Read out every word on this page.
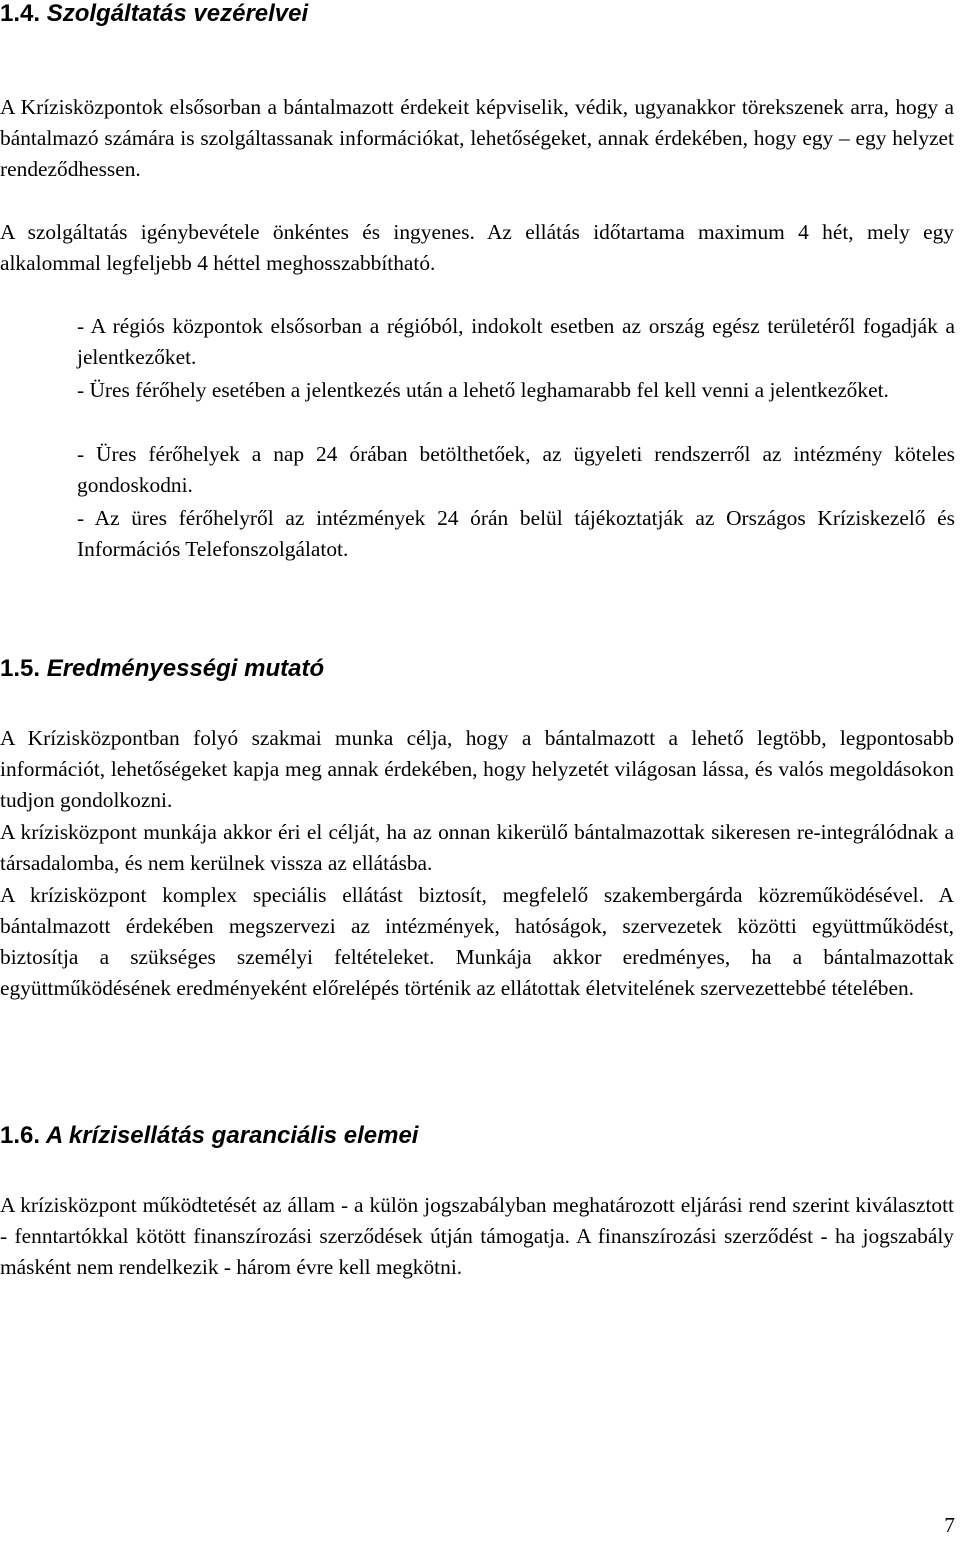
1.4. Szolgáltatás vezérelvei

A Krízisközpontok elsősorban a bántalmazott érdekeit képviselik, védik, ugyanakkor törekszenek arra, hogy a bántalmazó számára is szolgáltassanak információkat, lehetőségeket, annak érdekében, hogy egy – egy helyzet rendeződhessen.

A szolgáltatás igénybevétele önkéntes és ingyenes. Az ellátás időtartama maximum 4 hét, mely egy alkalommal legfeljebb 4 héttel meghosszabbítható.

- A régiós központok elsősorban a régióból, indokolt esetben az ország egész területéről fogadják a jelentkezőket.

- Üres férőhely esetében a jelentkezés után a lehető leghamarabb fel kell venni a jelentkezőket.

- Üres férőhelyek a nap 24 órában betölthetőek, az ügyeleti rendszerről az intézmény köteles gondoskodni.

- Az üres férőhelyről az intézmények 24 órán belül tájékoztatják az Országos Kríziskezelő és Információs Telefonszolgálatot.

1.5. Eredményességi mutató

A Krízisközpontban folyó szakmai munka célja, hogy a bántalmazott a lehető legtöbb, legpontosabb információt, lehetőségeket kapja meg annak érdekében, hogy helyzetét világosan lássa, és valós megoldásokon tudjon gondolkozni.

A krízisközpont munkája akkor éri el célját, ha az onnan kikerülő bántalmazottak sikeresen re-integrálódnak a társadalomba, és nem kerülnek vissza az ellátásba.

A krízisközpont komplex speciális ellátást biztosít, megfelelő szakembergárda közreműködésével. A bántalmazott érdekében megszervezi az intézmények, hatóságok, szervezetek közötti együttműködést, biztosítja a szükséges személyi feltételeket. Munkája akkor eredményes, ha a bántalmazottak együttműködésének eredményeként előrelépés történik az ellátottak életvitelének szervezettebbé tételében.

1.6. A krízisellátás garanciális elemei

A krízisközpont működtetését az állam - a külön jogszabályban meghatározott eljárási rend szerint kiválasztott - fenntartókkal kötött finanszírozási szerződések útján támogatja. A finanszírozási szerződést - ha jogszabály másként nem rendelkezik - három évre kell megkötni.

7
